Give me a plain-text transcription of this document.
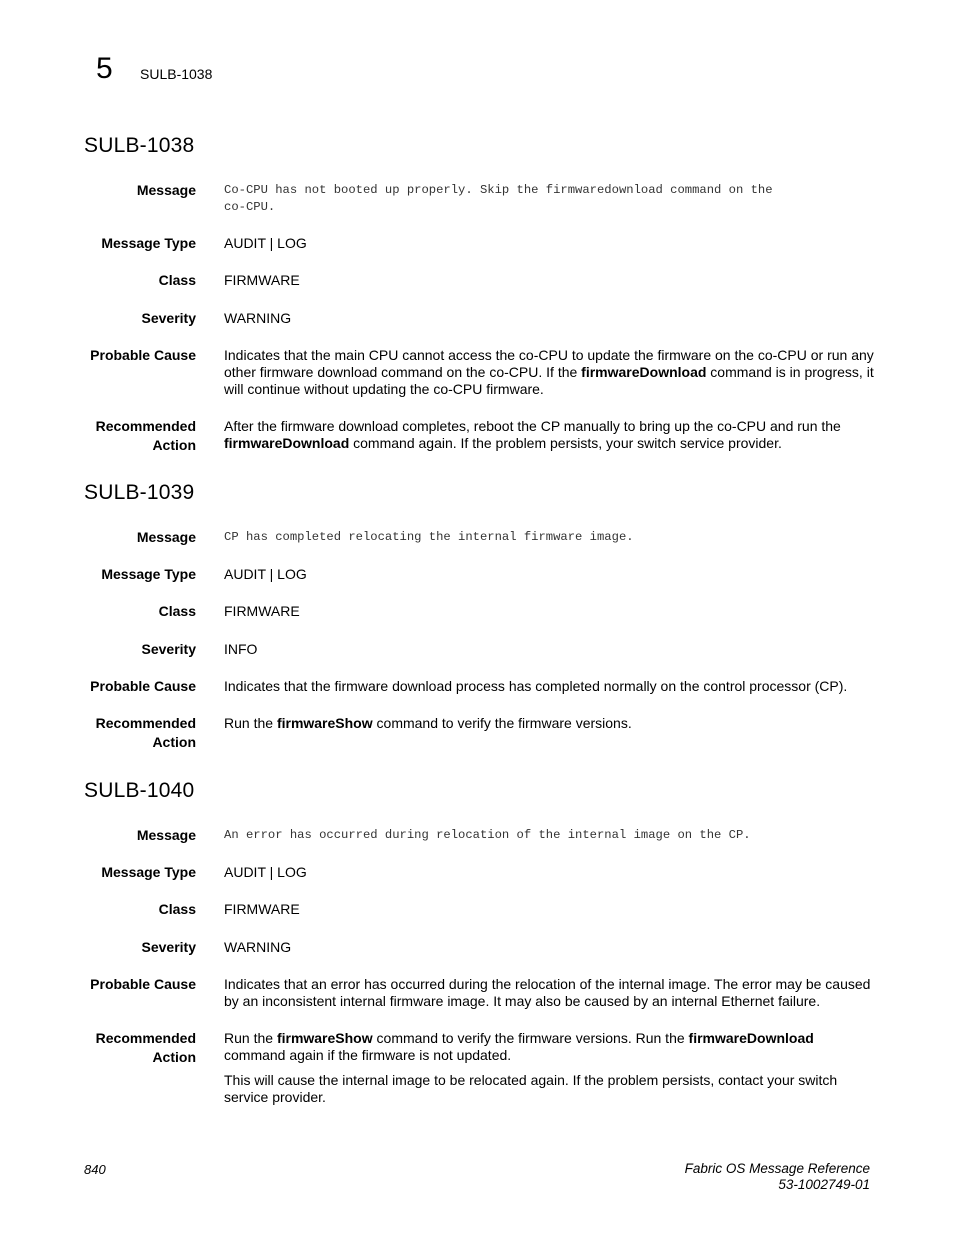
5 SULB-1038
SULB-1038
Message Co-CPU has not booted up properly. Skip the firmwaredownload command on the
co-CPU.
Message Type AUDIT | LOG
Class FIRMWARE
Severity WARNING
Probable Cause Indicates that the main CPU cannot access the co-CPU to update the firmware on the co-CPU or run any other firmware download command on the co-CPU. If the firmwareDownload command is in progress, it will continue without updating the co-CPU firmware.
Recommended
Action
After the firmware download completes, reboot the CP manually to bring up the co-CPU and run the firmwareDownload command again. If the problem persists, your switch service provider.
SULB-1039
Message CP has completed relocating the internal firmware image.
Message Type AUDIT | LOG
Class FIRMWARE
Severity INFO
Probable Cause Indicates that the firmware download process has completed normally on the control processor (CP).
Recommended
Action
Run the firmwareShow command to verify the firmware versions.
SULB-1040
Message An error has occurred during relocation of the internal image on the CP.
Message Type AUDIT | LOG
Class FIRMWARE
Severity WARNING
Probable Cause Indicates that an error has occurred during the relocation of the internal image. The error may be caused by an inconsistent internal firmware image. It may also be caused by an internal Ethernet failure.
Recommended
Action

Run the firmwareShow command to verify the firmware versions. Run the firmwareDownload command again if the firmware is not updated.

This will cause the internal image to be relocated again. If the problem persists, contact your switch service provider.

840	Fabric OS Message Reference
53-1002749-01
